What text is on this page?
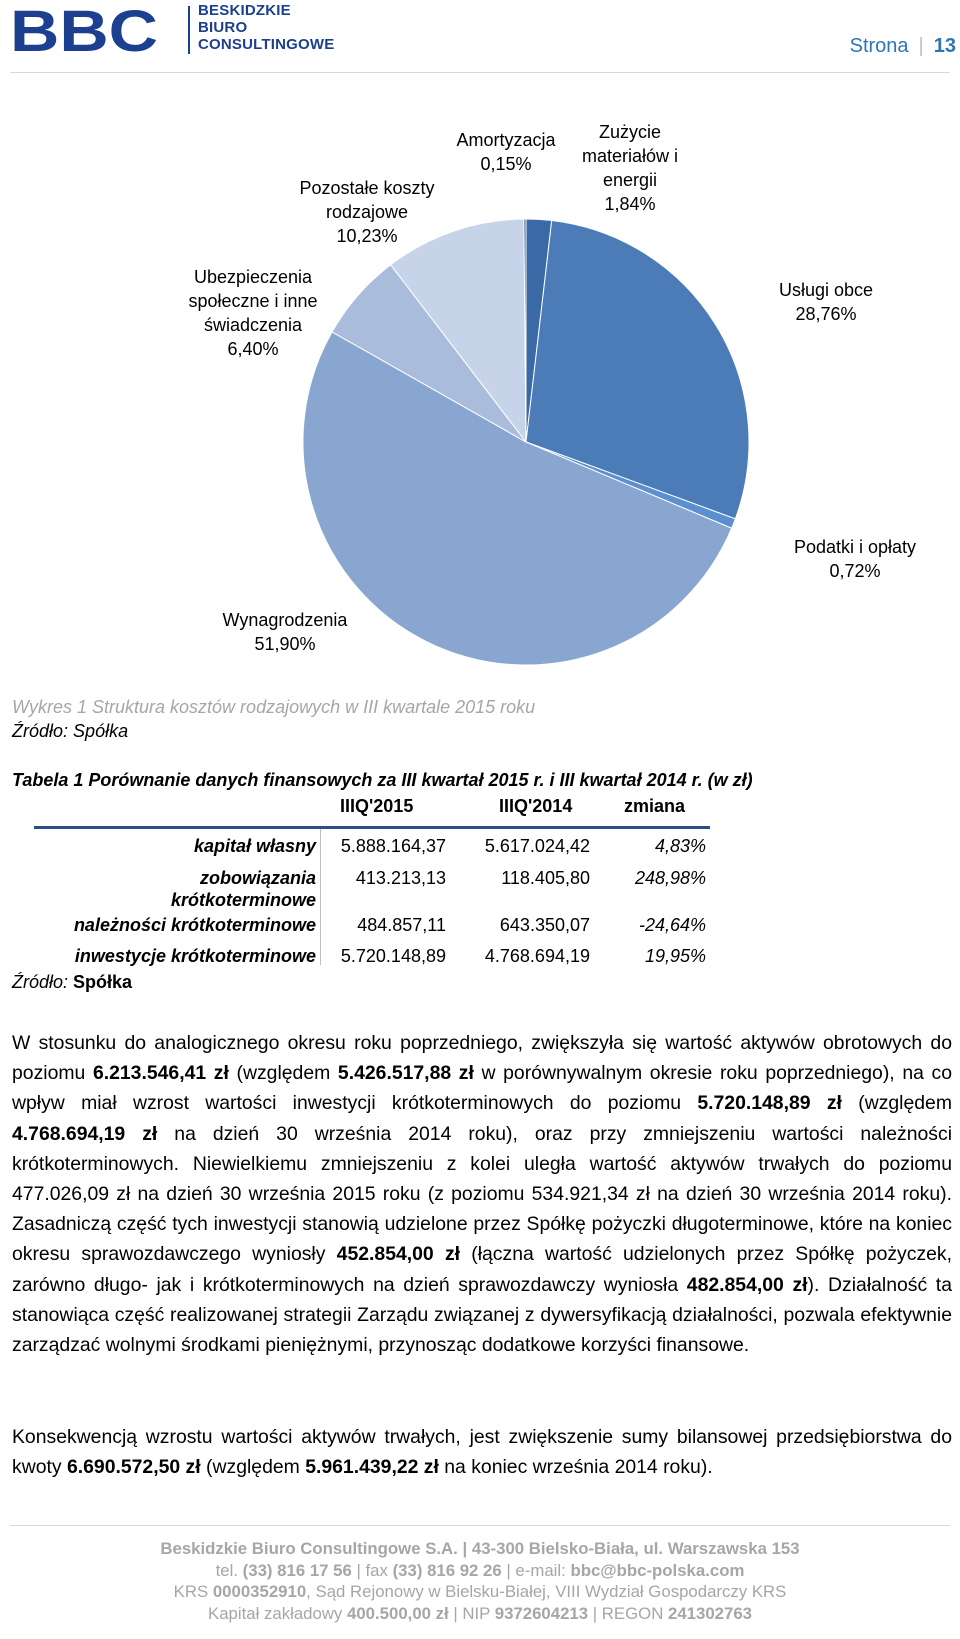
BBC	BESKIDZKIE
BIURO
CONSULTINGOWE	Strona | 13
Zużycie
materiałów i
energii
1,84%
Usługi obce
28,76%
Podatki i opłaty
0,72%
Wynagrodzenia
51,90%
Ubezpieczenia
społeczne i inne
świadczenia
6,40%
Pozostałe koszty
rodzajowe
10,23%
Amortyzacja
0,15%
Wykres 1 Struktura kosztów rodzajowych w III kwartale 2015 roku
Źródło: Spółka
Tabela 1 Porównanie danych finansowych za III kwartał 2015 r. i III kwartał 2014 r. (w zł)
IIIQ'2015	IIIQ'2014	zmiana
kapitał własny	5.888.164,37	5.617.024,42	4,83%
zobowiązania
krótkoterminowe
413.213,13	118.405,80	248,98%
należności krótkoterminowe	484.857,11	643.350,07	-24,64%
inwestycje krótkoterminowe	5.720.148,89	4.768.694,19	19,95%
Źródło: Spółka
W stosunku do analogicznego okresu roku poprzedniego, zwiększyła się wartość aktywów obrotowych do poziomu 6.213.546,41 zł (względem 5.426.517,88 zł w porównywalnym okresie roku poprzedniego), na co wpływ miał wzrost wartości inwestycji krótkoterminowych do poziomu 5.720.148,89 zł (względem 4.768.694,19 zł na dzień 30 września 2014 roku), oraz przy zmniejszeniu wartości należności krótkoterminowych. Niewielkiemu zmniejszeniu z kolei uległa wartość aktywów trwałych do poziomu 477.026,09 zł na dzień 30 września 2015 roku (z poziomu 534.921,34 zł na dzień 30 września 2014 roku). Zasadniczą część tych inwestycji stanowią udzielone przez Spółkę pożyczki długoterminowe, które na koniec okresu sprawozdawczego wyniosły 452.854,00 zł (łączna wartość udzielonych przez Spółkę pożyczek, zarówno długo- jak i krótkoterminowych na dzień sprawozdawczy wyniosła 482.854,00 zł). Działalność ta stanowiąca część realizowanej strategii Zarządu związanej z dywersyfikacją działalności, pozwala efektywnie zarządzać wolnymi środkami pieniężnymi, przynosząc dodatkowe korzyści finansowe.
Konsekwencją wzrostu wartości aktywów trwałych, jest zwiększenie sumy bilansowej przedsiębiorstwa do kwoty 6.690.572,50 zł (względem 5.961.439,22 zł na koniec września 2014 roku).
Beskidzkie Biuro Consultingowe S.A. | 43-300 Bielsko-Biała, ul. Warszawska 153
tel. (33) 816 17 56 | fax (33) 816 92 26 | e-mail: bbc@bbc-polska.com
KRS 0000352910, Sąd Rejonowy w Bielsku-Białej, VIII Wydział Gospodarczy KRS
Kapitał zakładowy 400.500,00 zł | NIP 9372604213 | REGON 241302763
